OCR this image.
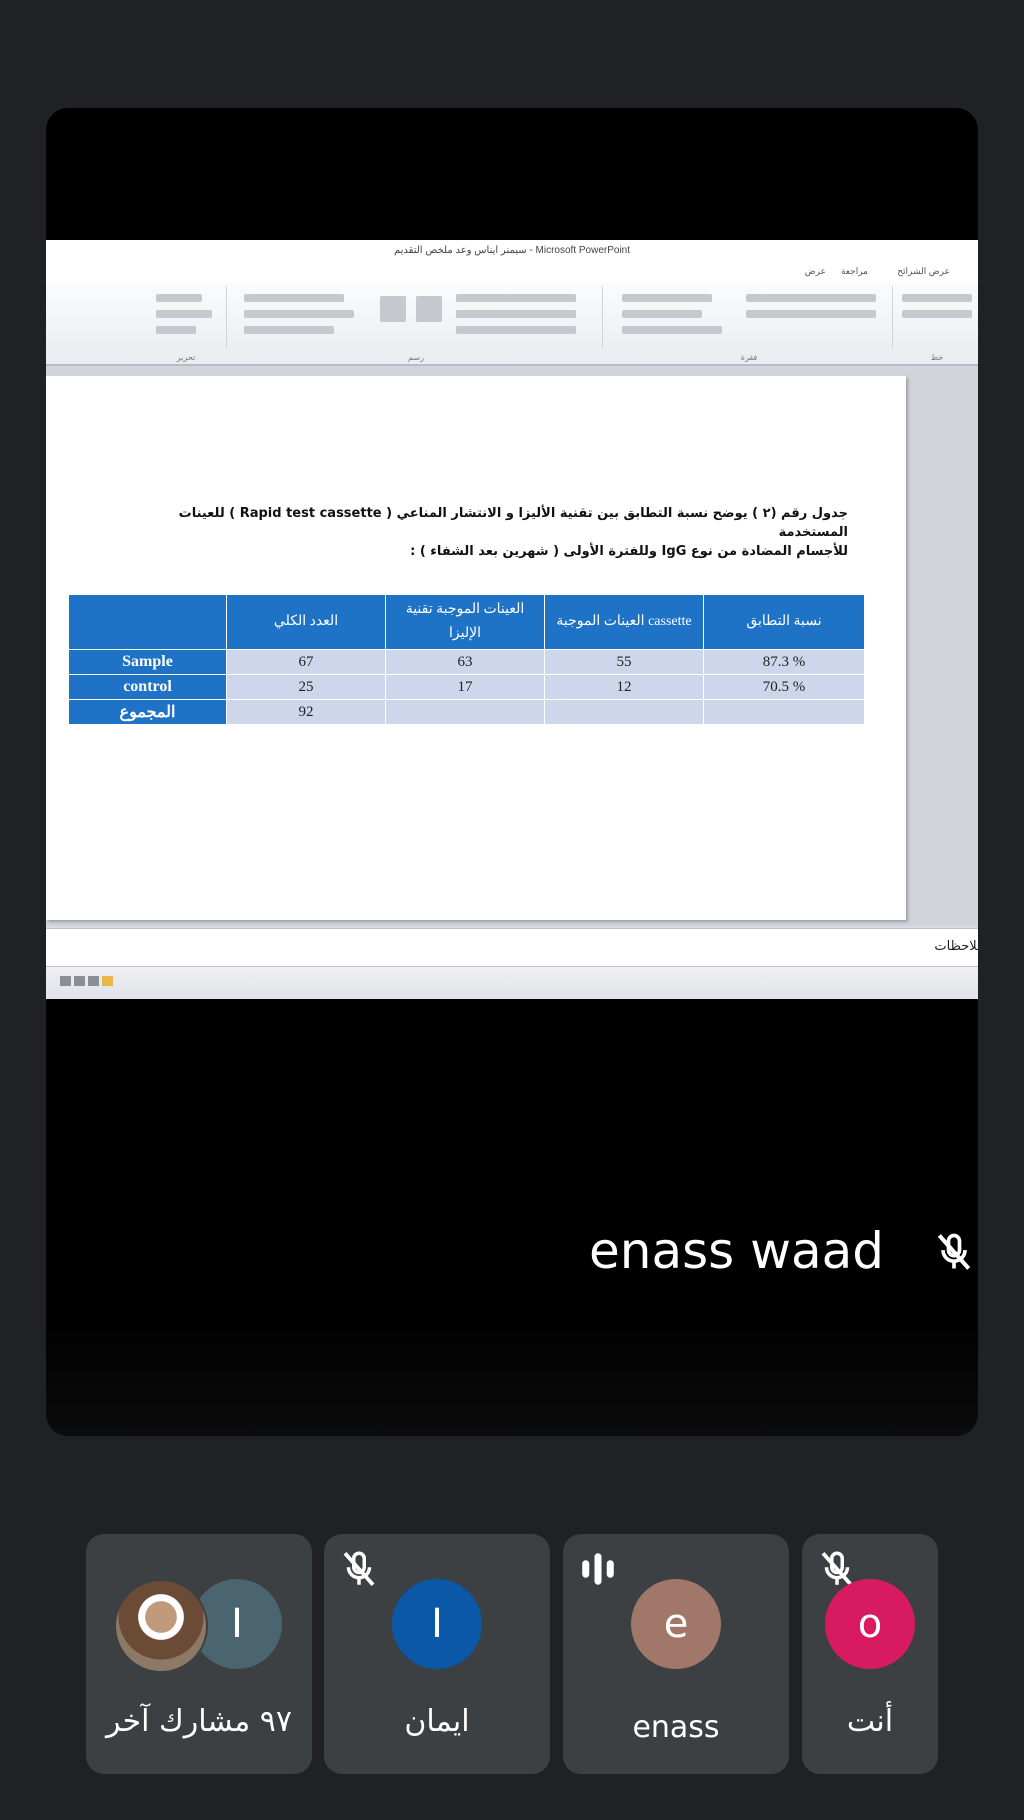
سيمنر ايناس وعد ملخص التقديم - Microsoft PowerPoint
عرض الشرائح
مراجعة
عرض
تحرير	رسم	فقرة	خط
جدول رقم (٢ ) يوضح نسبة التطابق بين تقنية الأليزا و الانتشار المناعي ( Rapid test cassette ) للعينات المستخدمة
للأجسام المضادة من نوع IgG وللفترة الأولى ( شهرين بعد الشفاء ) :
	العدد الكلي	العينات الموجبة تقنية الإليزا	العينات الموجبة cassette	نسبة التطابق
Sample	67	63	55	87.3 %
control	25	17	12	70.5 %
المجموع	92			
ملاحظات
enass waad
I
٩٧ مشارك آخر
I
ايمان
e
enass
o
أنت
